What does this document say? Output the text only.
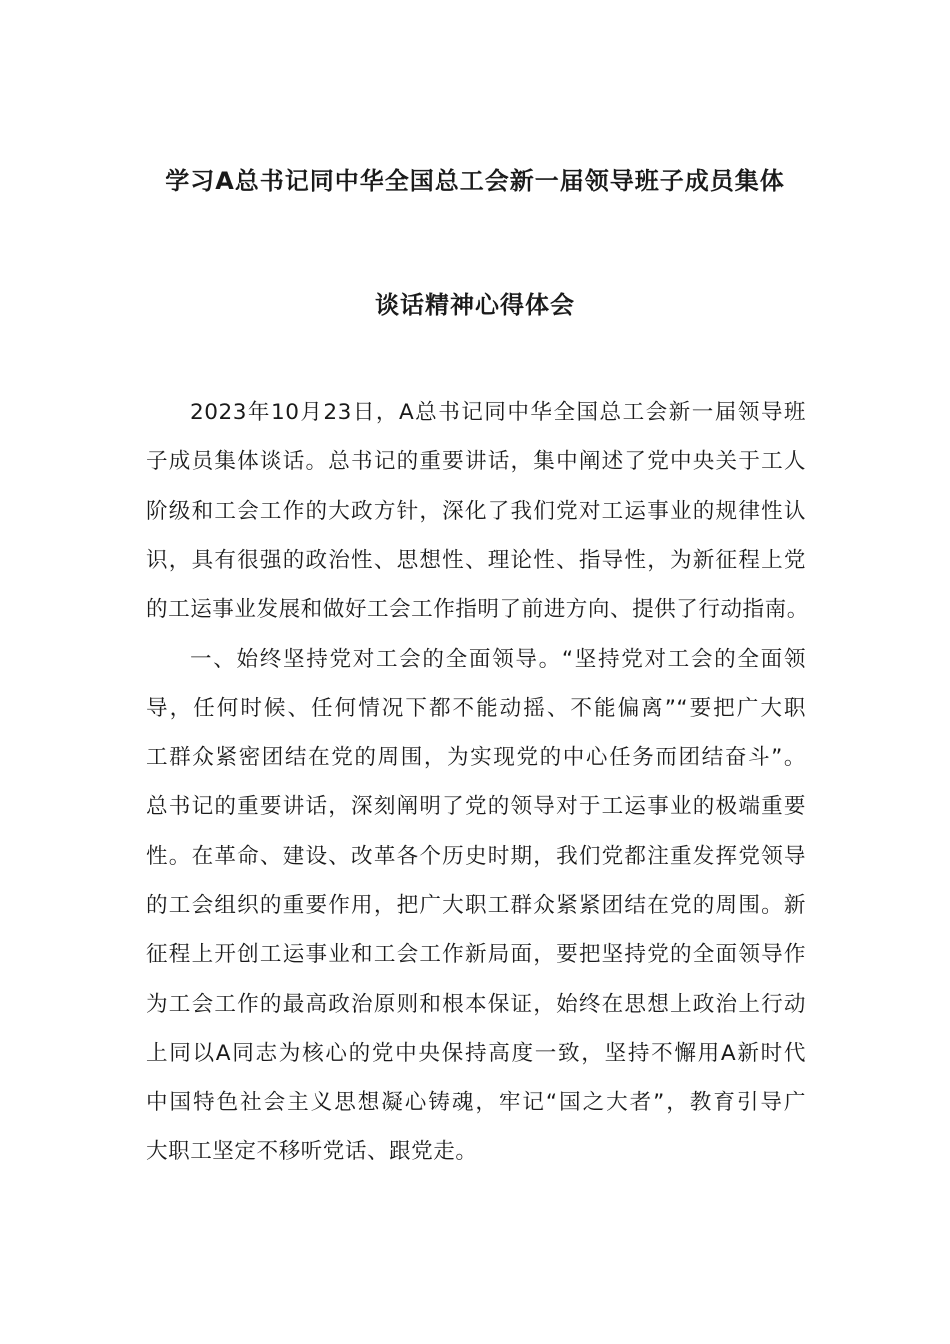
学习A总书记同中华全国总工会新一届领导班子成员集体
谈话精神心得体会
2023年10月23日，A总书记同中华全国总工会新一届领导班
子成员集体谈话。总书记的重要讲话，集中阐述了党中央关于工人
阶级和工会工作的大政方针，深化了我们党对工运事业的规律性认
识，具有很强的政治性、思想性、理论性、指导性，为新征程上党
的工运事业发展和做好工会工作指明了前进方向、提供了行动指南。
一、始终坚持党对工会的全面领导。“坚持党对工会的全面领
导，任何时候、任何情况下都不能动摇、不能偏离”“要把广大职
工群众紧密团结在党的周围，为实现党的中心任务而团结奋斗”。
总书记的重要讲话，深刻阐明了党的领导对于工运事业的极端重要
性。在革命、建设、改革各个历史时期，我们党都注重发挥党领导
的工会组织的重要作用，把广大职工群众紧紧团结在党的周围。新
征程上开创工运事业和工会工作新局面，要把坚持党的全面领导作
为工会工作的最高政治原则和根本保证，始终在思想上政治上行动
上同以A同志为核心的党中央保持高度一致，坚持不懈用A新时代
中国特色社会主义思想凝心铸魂，牢记“国之大者”，教育引导广
大职工坚定不移听党话、跟党走。
